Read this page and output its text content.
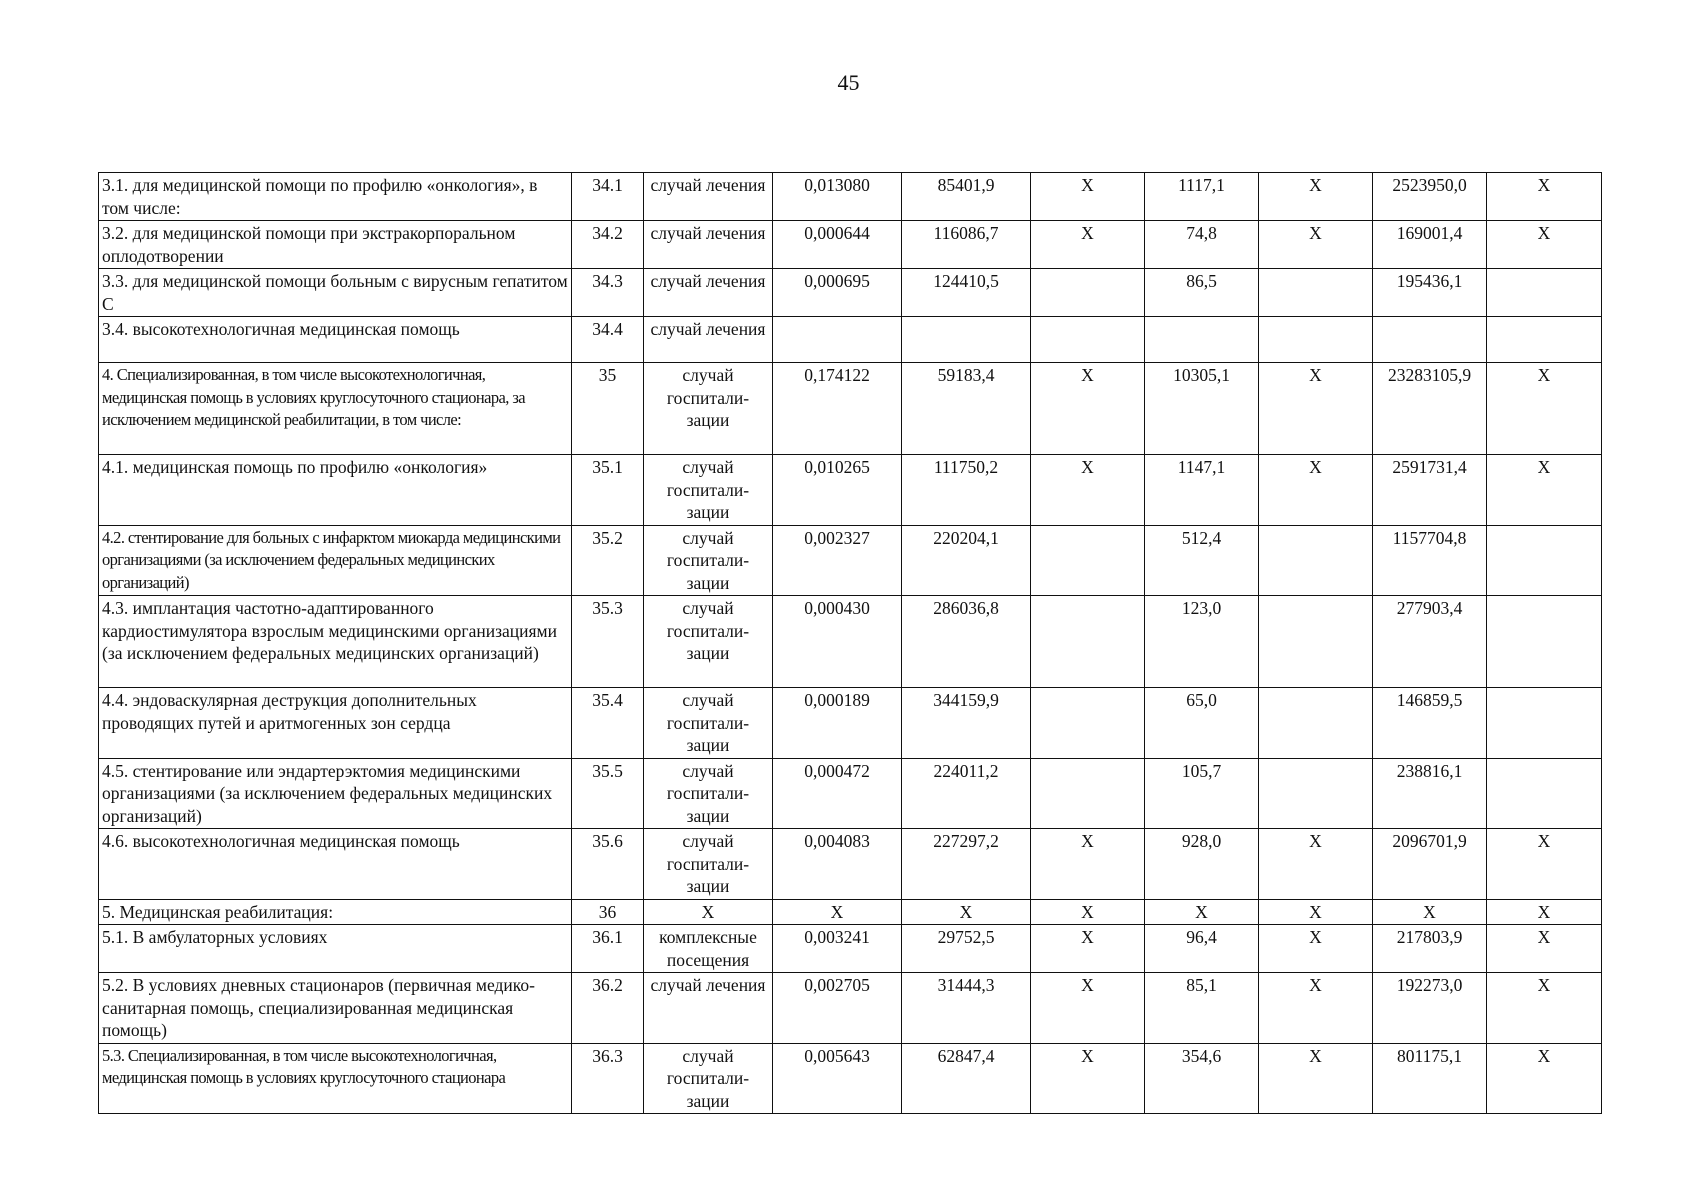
45
3.1. для медицинской помощи по профилю «онкология», в том числе:	34.1	случай лечения	0,013080	85401,9	X	1117,1	X	2523950,0	X
3.2. для медицинской помощи при экстракорпоральном оплодотворении	34.2	случай лечения	0,000644	116086,7	X	74,8	X	169001,4	X
3.3. для медицинской помощи больным с вирусным гепатитом С	34.3	случай лечения	0,000695	124410,5		86,5		195436,1	
3.4. высокотехнологичная медицинская помощь	34.4	случай лечения							
4. Специализированная, в том числе высокотехнологичная, медицинская помощь в условиях круглосуточного стационара, за исключением медицинской реабилитации, в том числе:	35	случай госпитали-зации	0,174122	59183,4	X	10305,1	X	23283105,9	X
4.1. медицинская помощь по профилю «онкология»	35.1	случай госпитали-зации	0,010265	111750,2	X	1147,1	X	2591731,4	X
4.2. стентирование для больных с инфарктом миокарда медицинскими организациями (за исключением федеральных медицинских организаций)	35.2	случай госпитали-зации	0,002327	220204,1		512,4		1157704,8	
4.3. имплантация частотно-адаптированного кардиостимулятора взрослым медицинскими организациями (за исключением федеральных медицинских организаций)	35.3	случай госпитали-зации	0,000430	286036,8		123,0		277903,4	
4.4. эндоваскулярная деструкция дополнительных проводящих путей и аритмогенных зон сердца	35.4	случай госпитали-зации	0,000189	344159,9		65,0		146859,5	
4.5. стентирование или эндартерэктомия медицинскими организациями (за исключением федеральных медицинских организаций)	35.5	случай госпитали-зации	0,000472	224011,2		105,7		238816,1	
4.6. высокотехнологичная медицинская помощь	35.6	случай госпитали-зации	0,004083	227297,2	X	928,0	X	2096701,9	X
5. Медицинская реабилитация:	36	X	X	X	X	X	X	X	X
5.1. В амбулаторных условиях	36.1	комплексные посещения	0,003241	29752,5	X	96,4	X	217803,9	X
5.2. В условиях дневных стационаров (первичная медико-санитарная помощь, специализированная медицинская помощь)	36.2	случай лечения	0,002705	31444,3	X	85,1	X	192273,0	X
5.3. Специализированная, в том числе высокотехнологичная, медицинская помощь в условиях круглосуточного стационара	36.3	случай госпитали-зации	0,005643	62847,4	X	354,6	X	801175,1	X
